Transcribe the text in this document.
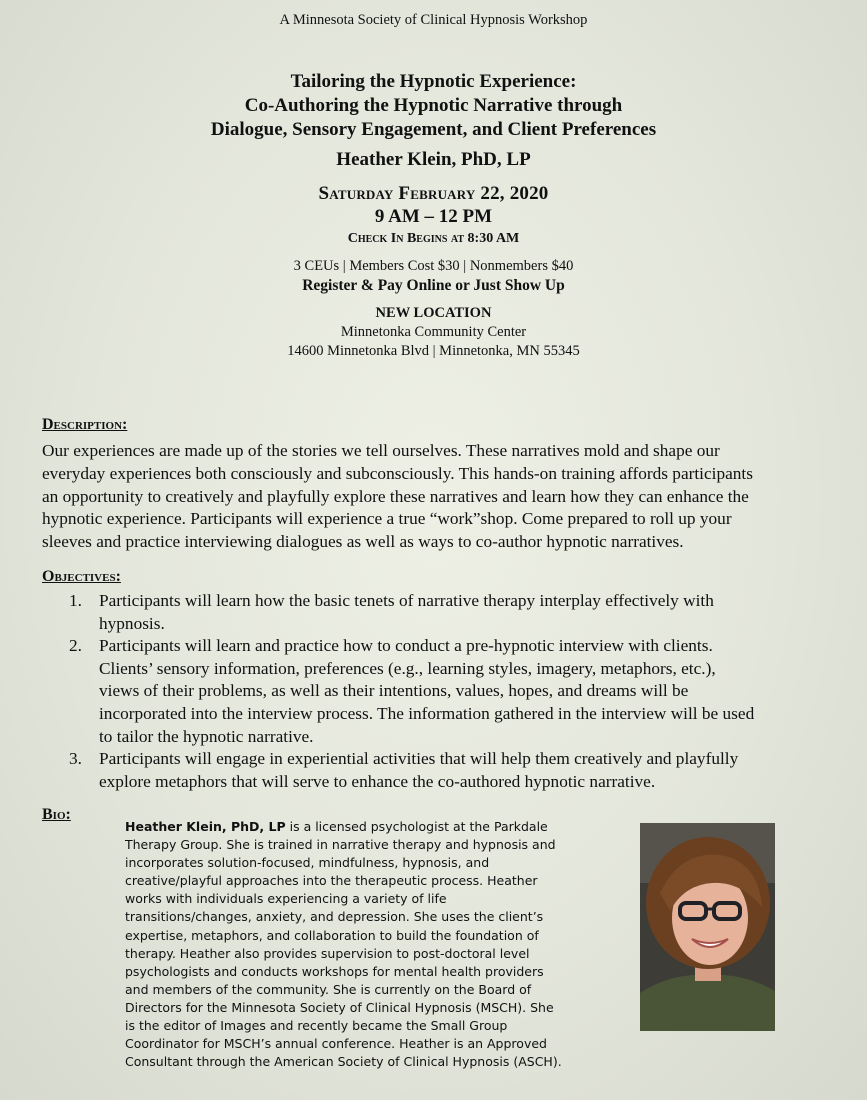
A Minnesota Society of Clinical Hypnosis Workshop
Tailoring the Hypnotic Experience:
Co-Authoring the Hypnotic Narrative through
Dialogue, Sensory Engagement, and Client Preferences
Heather Klein, PhD, LP
Saturday February 22, 2020
9 AM – 12 PM
Check In Begins at 8:30 AM
3 CEUs | Members Cost $30 | Nonmembers $40
Register & Pay Online or Just Show Up
NEW LOCATION
Minnetonka Community Center
14600 Minnetonka Blvd | Minnetonka, MN 55345
Description:
Our experiences are made up of the stories we tell ourselves. These narratives mold and shape our
everyday experiences both consciously and subconsciously. This hands-on training affords participants
an opportunity to creatively and playfully explore these narratives and learn how they can enhance the
hypnotic experience. Participants will experience a true “work”shop. Come prepared to roll up your
sleeves and practice interviewing dialogues as well as ways to co-author hypnotic narratives.
Objectives:
1. Participants will learn how the basic tenets of narrative therapy interplay effectively with
hypnosis.
2. Participants will learn and practice how to conduct a pre-hypnotic interview with clients.
Clients’ sensory information, preferences (e.g., learning styles, imagery, metaphors, etc.),
views of their problems, as well as their intentions, values, hopes, and dreams will be
incorporated into the interview process. The information gathered in the interview will be used
to tailor the hypnotic narrative.
3. Participants will engage in experiential activities that will help them creatively and playfully
explore metaphors that will serve to enhance the co-authored hypnotic narrative.
Bio:
Heather Klein, PhD, LP is a licensed psychologist at the Parkdale
Therapy Group. She is trained in narrative therapy and hypnosis and
incorporates solution-focused, mindfulness, hypnosis, and
creative/playful approaches into the therapeutic process. Heather
works with individuals experiencing a variety of life
transitions/changes, anxiety, and depression. She uses the client’s
expertise, metaphors, and collaboration to build the foundation of
therapy. Heather also provides supervision to post-doctoral level
psychologists and conducts workshops for mental health providers
and members of the community. She is currently on the Board of
Directors for the Minnesota Society of Clinical Hypnosis (MSCH). She
is the editor of Images and recently became the Small Group
Coordinator for MSCH’s annual conference. Heather is an Approved
Consultant through the American Society of Clinical Hypnosis (ASCH).
